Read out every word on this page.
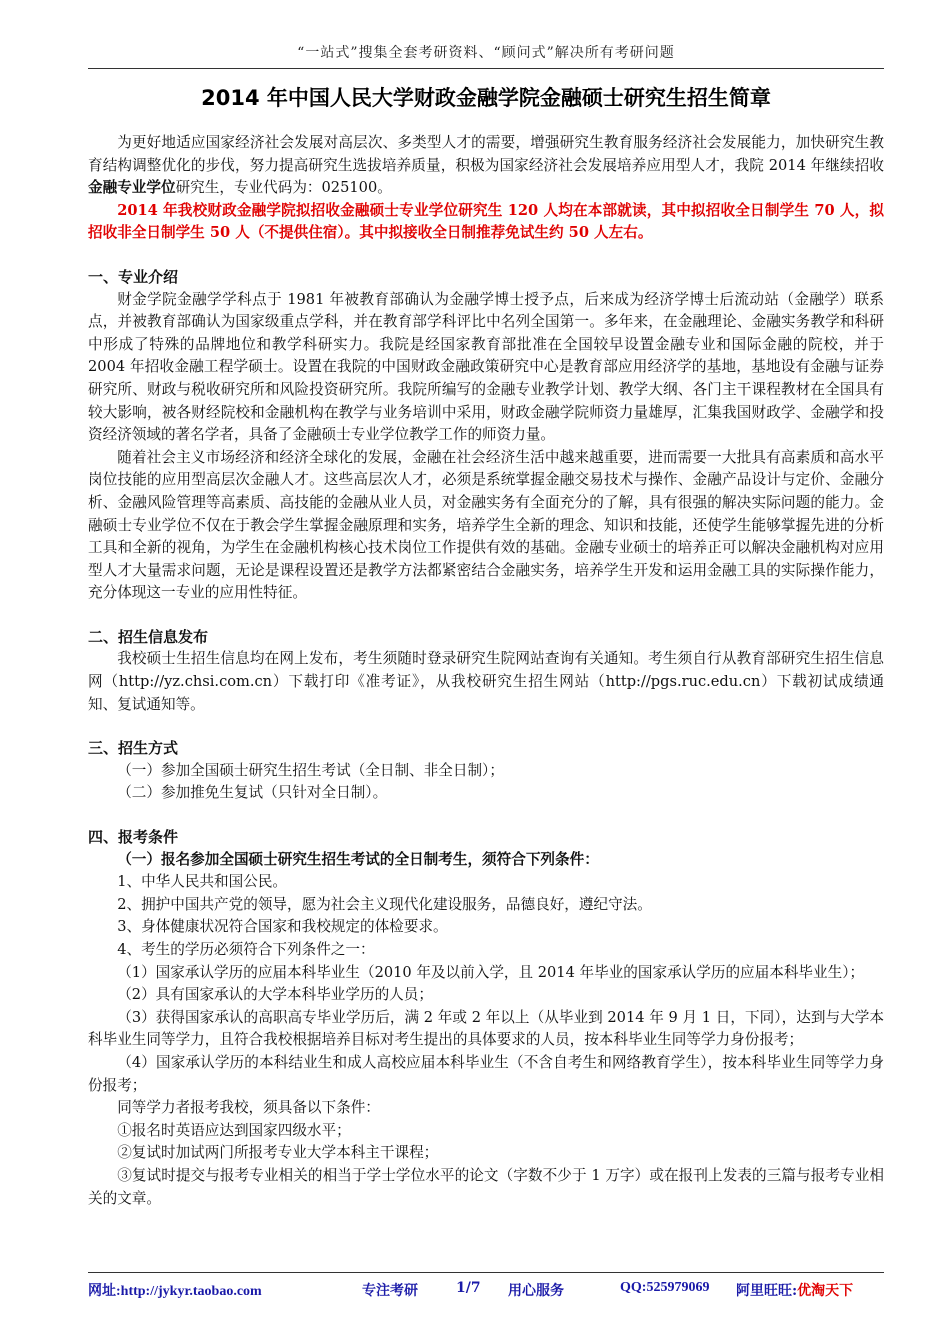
“一站式”搜集全套考研资料、“顾问式”解决所有考研问题
2014 年中国人民大学财政金融学院金融硕士研究生招生简章

为更好地适应国家经济社会发展对高层次、多类型人才的需要，增强研究生教育服务经济社会发展能力，加快研究生教育结构调整优化的步伐，努力提高研究生选拔培养质量，积极为国家经济社会发展培养应用型人才，我院 2014 年继续招收金融专业学位研究生，专业代码为：025100。

2014 年我校财政金融学院拟招收金融硕士专业学位研究生 120 人均在本部就读，其中拟招收全日制学生 70 人，拟招收非全日制学生 50 人（不提供住宿）。其中拟接收全日制推荐免试生约 50 人左右。

一、专业介绍

财金学院金融学学科点于 1981 年被教育部确认为金融学博士授予点，后来成为经济学博士后流动站（金融学）联系点，并被教育部确认为国家级重点学科，并在教育部学科评比中名列全国第一。多年来，在金融理论、金融实务教学和科研中形成了特殊的品牌地位和教学科研实力。我院是经国家教育部批准在全国较早设置金融专业和国际金融的院校，并于 2004 年招收金融工程学硕士。设置在我院的中国财政金融政策研究中心是教育部应用经济学的基地，基地设有金融与证券研究所、财政与税收研究所和风险投资研究所。我院所编写的金融专业教学计划、教学大纲、各门主干课程教材在全国具有较大影响，被各财经院校和金融机构在教学与业务培训中采用，财政金融学院师资力量雄厚，汇集我国财政学、金融学和投资经济领域的著名学者，具备了金融硕士专业学位教学工作的师资力量。

随着社会主义市场经济和经济全球化的发展，金融在社会经济生活中越来越重要，进而需要一大批具有高素质和高水平岗位技能的应用型高层次金融人才。这些高层次人才，必须是系统掌握金融交易技术与操作、金融产品设计与定价、金融分析、金融风险管理等高素质、高技能的金融从业人员，对金融实务有全面充分的了解，具有很强的解决实际问题的能力。金融硕士专业学位不仅在于教会学生掌握金融原理和实务，培养学生全新的理念、知识和技能，还使学生能够掌握先进的分析工具和全新的视角，为学生在金融机构核心技术岗位工作提供有效的基础。金融专业硕士的培养正可以解决金融机构对应用型人才大量需求问题，无论是课程设置还是教学方法都紧密结合金融实务，培养学生开发和运用金融工具的实际操作能力，充分体现这一专业的应用性特征。

二、招生信息发布

我校硕士生招生信息均在网上发布，考生须随时登录研究生院网站查询有关通知。考生须自行从教育部研究生招生信息网（http://yz.chsi.com.cn）下载打印《准考证》，从我校研究生招生网站（http://pgs.ruc.edu.cn）下载初试成绩通知、复试通知等。

三、招生方式

（一）参加全国硕士研究生招生考试（全日制、非全日制）；

（二）参加推免生复试（只针对全日制）。

四、报考条件

（一）报名参加全国硕士研究生招生考试的全日制考生，须符合下列条件：

1、中华人民共和国公民。

2、拥护中国共产党的领导，愿为社会主义现代化建设服务，品德良好，遵纪守法。

3、身体健康状况符合国家和我校规定的体检要求。

4、考生的学历必须符合下列条件之一：

（1）国家承认学历的应届本科毕业生（2010 年及以前入学，且 2014 年毕业的国家承认学历的应届本科毕业生）；

（2）具有国家承认的大学本科毕业学历的人员；

（3）获得国家承认的高职高专毕业学历后，满 2 年或 2 年以上（从毕业到 2014 年 9 月 1 日，下同），达到与大学本科毕业生同等学力，且符合我校根据培养目标对考生提出的具体要求的人员，按本科毕业生同等学力身份报考；

（4）国家承认学历的本科结业生和成人高校应届本科毕业生（不含自考生和网络教育学生），按本科毕业生同等学力身份报考；

同等学力者报考我校，须具备以下条件：

①报名时英语应达到国家四级水平；

②复试时加试两门所报考专业大学本科主干课程；

③复试时提交与报考专业相关的相当于学士学位水平的论文（字数不少于 1 万字）或在报刊上发表的三篇与报考专业相关的文章。

网址:http://jykyr.taobao.com	专注考研	1/7 用心服务	QQ:525979069 阿里旺旺:优淘天下
